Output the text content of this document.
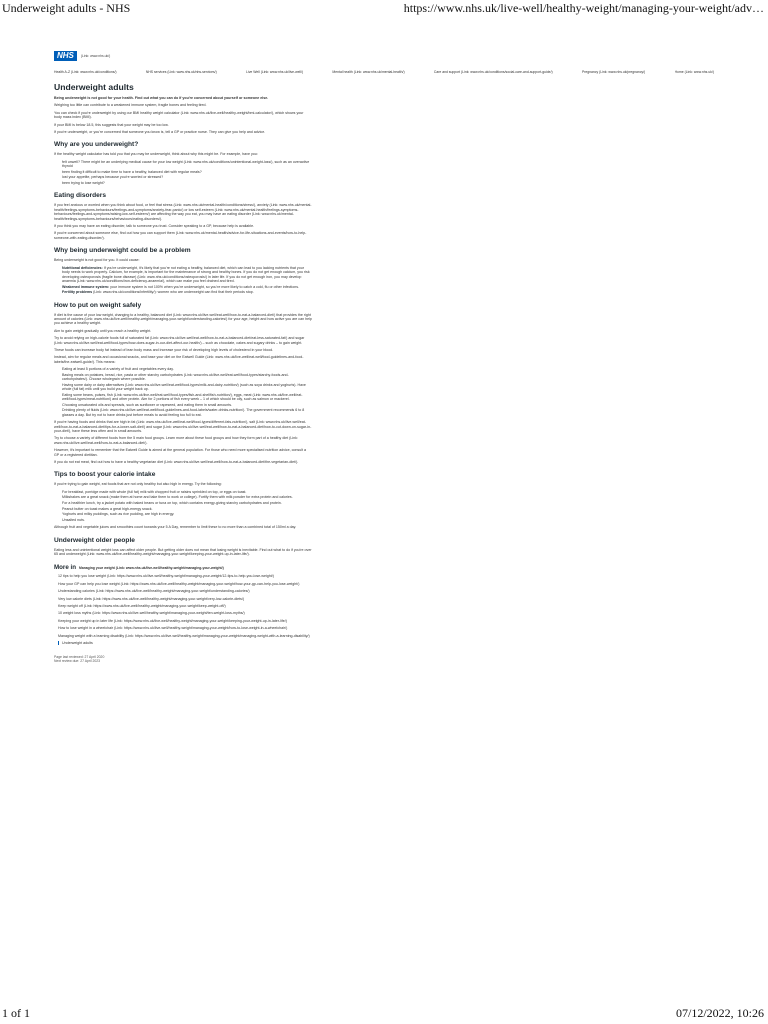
Underweight adults - NHS	https://www.nhs.uk/live-well/healthy-weight/managing-your-weight/adv…
NHS	(Link: www.nhs.uk/)
Health A-Z (Link: www.nhs.uk/conditions/)	NHS services (Link: www.nhs.uk/nhs-services/)	Live Well (Link: www.nhs.uk/live-well/)	Mental health (Link: www.nhs.uk/mental-health/)	Care and support (Link: www.nhs.uk/conditions/social-care-and-support-guide/)	Pregnancy (Link: www.nhs.uk/pregnancy/)	Home (Link: www.nhs.uk/)
Underweight adults

Being underweight is not good for your health. Find out what you can do if you're concerned about yourself or someone else.

Weighing too little can contribute to a weakened immune system, fragile bones and feeling tired.

You can check if you're underweight by using our BMI healthy weight calculator (Link: www.nhs.uk/live-well/healthy-weight/bmi-calculator/), which shows your body mass index (BMI).

If your BMI is below 18.5, this suggests that your weight may be too low.

If you're underweight, or you're concerned that someone you know is, tell a GP or practice nurse. They can give you help and advice.

Why are you underweight?

If the healthy weight calculator has told you that you may be underweight, think about why this might be. For example, have you:

• felt unwell? There might be an underlying medical cause for your low weight (Link: www.nhs.uk/conditions/unintentional-weight-loss/), such as an overactive thyroid
• been finding it difficult to make time to have a healthy, balanced diet with regular meals?
• lost your appetite, perhaps because you're worried or stressed?
• been trying to lose weight?
Eating disorders

If you feel anxious or worried when you think about food, or feel that stress (Link: www.nhs.uk/mental-health/conditions/stress/), anxiety (Link: www.nhs.uk/mental-health/feelings-symptoms-behaviours/feelings-and-symptoms/anxiety-fear-panic/) or low self-esteem (Link: www.nhs.uk/mental-health/feelings-symptoms-behaviours/feelings-and-symptoms/raising-low-self-esteem/) are affecting the way you eat, you may have an eating disorder (Link: www.nhs.uk/mental-health/feelings-symptoms-behaviours/behaviours/eating-disorders/).

If you think you may have an eating disorder, talk to someone you trust. Consider speaking to a GP, because help is available.

If you're concerned about someone else, find out how you can support them (Link: www.nhs.uk/mental-health/advice-for-life-situations-and-events/how-to-help-someone-with-eating-disorder/).

Why being underweight could be a problem

Being underweight is not good for you. It could cause:

• Nutritional deficiencies: If you're underweight, it's likely that you're not eating a healthy, balanced diet, which can lead to you lacking nutrients that your body needs to work properly. Calcium, for example, is important for the maintenance of strong and healthy bones. If you do not get enough calcium, you risk developing osteoporosis (fragile bone disease) (Link: www.nhs.uk/conditions/osteoporosis/) in later life. If you do not get enough iron, you may develop anaemia (Link: www.nhs.uk/conditions/iron-deficiency-anaemia/), which can make you feel drained and tired.
• Weakened immune system: your immune system is not 100% when you're underweight, so you're more likely to catch a cold, flu or other infections.
• Fertility problems (Link: www.nhs.uk/conditions/infertility/): women who are underweight can find that their periods stop.
How to put on weight safely

If diet is the cause of your low weight, changing to a healthy, balanced diet (Link: www.nhs.uk/live-well/eat-well/how-to-eat-a-balanced-diet/) that provides the right amount of calories (Link: www.nhs.uk/live-well/healthy-weight/managing-your-weight/understanding-calories/) for your age, height and how active you are can help you achieve a healthy weight.

Aim to gain weight gradually until you reach a healthy weight.

Try to avoid relying on high-calorie foods full of saturated fat (Link: www.nhs.uk/live-well/eat-well/how-to-eat-a-balanced-diet/eat-less-saturated-fat/) and sugar (Link: www.nhs.uk/live-well/eat-well/food-types/how-does-sugar-in-our-diet-affect-our-health/) – such as chocolate, cakes and sugary drinks – to gain weight.

These foods can increase body fat instead of lean body mass and increase your risk of developing high levels of cholesterol in your blood.

Instead, aim for regular meals and occasional snacks, and base your diet on the Eatwell Guide (Link: www.nhs.uk/live-well/eat-well/food-guidelines-and-food-labels/the-eatwell-guide/). This means:

• Eating at least 5 portions of a variety of fruit and vegetables every day.
• Basing meals on potatoes, bread, rice, pasta or other starchy carbohydrates (Link: www.nhs.uk/live-well/eat-well/food-types/starchy-foods-and-carbohydrates/). Choose wholegrain where possible.
• Having some dairy or dairy alternatives (Link: www.nhs.uk/live-well/eat-well/food-types/milk-and-dairy-nutrition/) (such as soya drinks and yoghurts). Have whole (full fat) milk until you build your weight back up.
• Eating some beans, pulses, fish (Link: www.nhs.uk/live-well/eat-well/food-types/fish-and-shellfish-nutrition/), eggs, meat (Link: www.nhs.uk/live-well/eat-well/food-types/meat-nutrition/) and other protein. Aim for 2 portions of fish every week – 1 of which should be oily, such as salmon or mackerel.
• Choosing unsaturated oils and spreads, such as sunflower or rapeseed, and eating them in small amounts.
• Drinking plenty of fluids (Link: www.nhs.uk/live-well/eat-well/food-guidelines-and-food-labels/water-drinks-nutrition/). The government recommends 6 to 8 glasses a day. But try not to have drinks just before meals to avoid feeling too full to eat.

If you're having foods and drinks that are high in fat (Link: www.nhs.uk/live-well/eat-well/food-types/different-fats-nutrition/), salt (Link: www.nhs.uk/live-well/eat-well/how-to-eat-a-balanced-diet/tips-for-a-lower-salt-diet/) and sugar (Link: www.nhs.uk/live-well/eat-well/how-to-eat-a-balanced-diet/how-to-cut-down-on-sugar-in-your-diet/), have these less often and in small amounts.

Try to choose a variety of different foods from the 5 main food groups. Learn more about these food groups and how they form part of a healthy diet (Link: www.nhs.uk/live-well/eat-well/how-to-eat-a-balanced-diet/).

However, it's important to remember that the Eatwell Guide is aimed at the general population. For those who need more specialised nutrition advice, consult a GP or a registered dietitian.

If you do not eat meat, find out how to have a healthy vegetarian diet (Link: www.nhs.uk/live-well/eat-well/how-to-eat-a-balanced-diet/the-vegetarian-diet/).

Tips to boost your calorie intake

If you're trying to gain weight, eat foods that are not only healthy but also high in energy. Try the following:

• For breakfast, porridge made with whole (full fat) milk with chopped fruit or raisins sprinkled on top, or eggs on toast.
• Milkshakes are a great snack (make them at home and take them to work or college). Fortify them with milk powder for extra protein and calories.
• For a healthier lunch, try a jacket potato with baked beans or tuna on top, which contains energy-giving starchy carbohydrates and protein.
• Peanut butter on toast makes a great high-energy snack.
• Yoghurts and milky puddings, such as rice pudding, are high in energy.
• Unsalted nuts.

Although fruit and vegetable juices and smoothies count towards your 5 A Day, remember to limit these to no more than a combined total of 150ml a day.

Underweight older people

Eating less and unintentional weight loss can affect older people. But getting older does not mean that losing weight is inevitable. Find out what to do if you're over 65 and underweight (Link: www.nhs.uk/live-well/healthy-weight/managing-your-weight/keeping-your-weight-up-in-later-life/).

More in Managing your weight (Link: www.nhs.uk/live-well/healthy-weight/managing-your-weight/)
12 tips to help you lose weight (Link: https://www.nhs.uk/live-well/healthy-weight/managing-your-weight/12-tips-to-help-you-lose-weight/)
How your GP can help you lose weight (Link: https://www.nhs.uk/live-well/healthy-weight/managing-your-weight/how-your-gp-can-help-you-lose-weight/)
Understanding calories (Link: https://www.nhs.uk/live-well/healthy-weight/managing-your-weight/understanding-calories/)
Very low calorie diets (Link: https://www.nhs.uk/live-well/healthy-weight/managing-your-weight/very-low-calorie-diets/)
Keep weight off (Link: https://www.nhs.uk/live-well/healthy-weight/managing-your-weight/keep-weight-off/)
10 weight loss myths (Link: https://www.nhs.uk/live-well/healthy-weight/managing-your-weight/ten-weight-loss-myths/)
Keeping your weight up in later life (Link: https://www.nhs.uk/live-well/healthy-weight/managing-your-weight/keeping-your-weight-up-in-later-life/)
How to lose weight in a wheelchair (Link: https://www.nhs.uk/live-well/healthy-weight/managing-your-weight/how-to-lose-weight-in-a-wheelchair/)
Managing weight with a learning disability (Link: https://www.nhs.uk/live-well/healthy-weight/managing-your-weight/managing-weight-with-a-learning-disability/)
Underweight adults
Page last reviewed: 27 April 2020
Next review due: 27 April 2023
1 of 1	07/12/2022, 10:26
